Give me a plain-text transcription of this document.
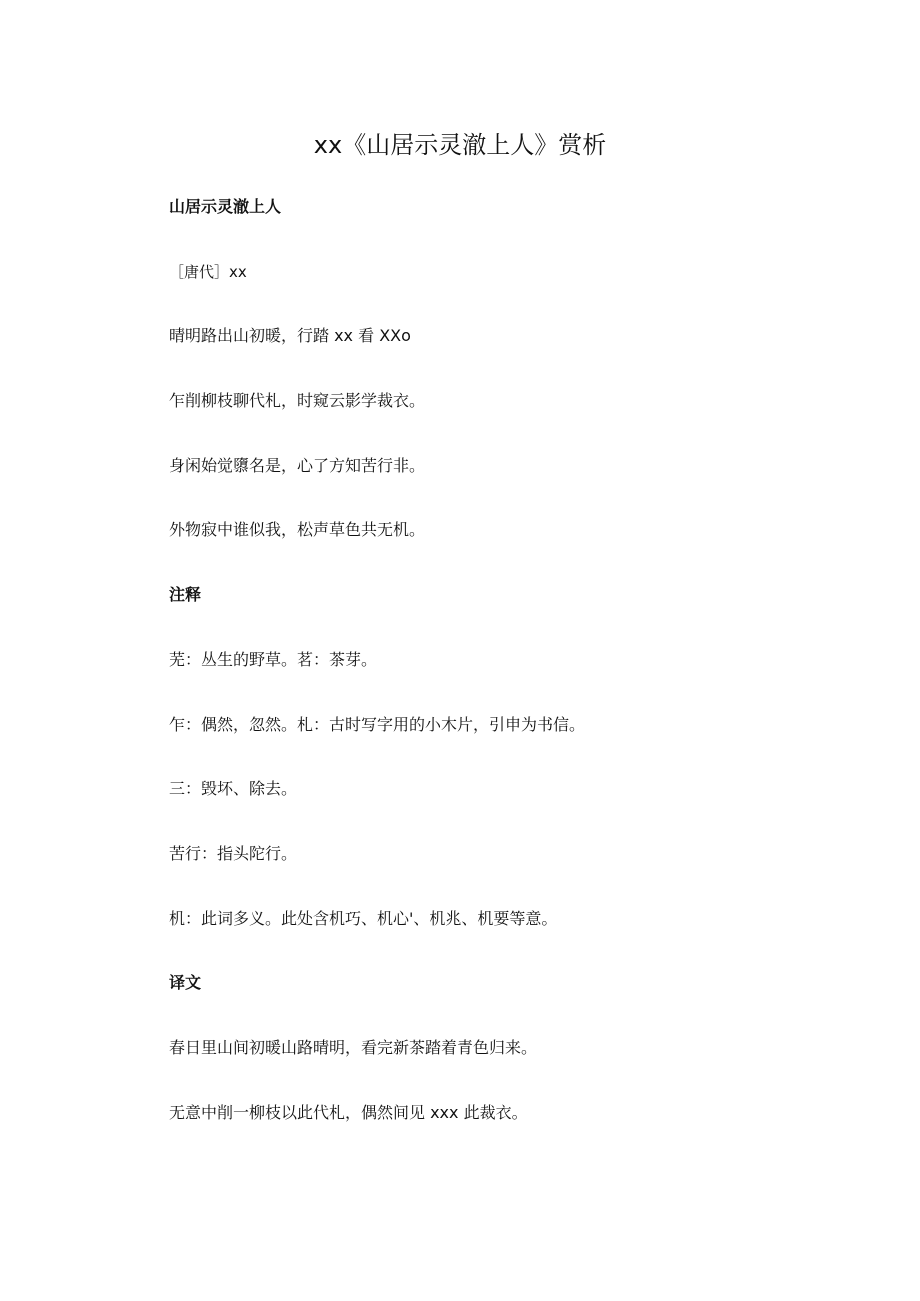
xx《山居示灵澈上人》赏析
山居示灵澈上人
［唐代］xx
晴明路出山初暖，行踏 xx 看 XXo
乍削柳枝聊代札，时窥云影学裁衣。
身闲始觉隳名是，心了方知苦行非。
外物寂中谁似我，松声草色共无机。
注释
芜：丛生的野草。茗：茶芽。
乍：偶然，忽然。札：古时写字用的小木片，引申为书信。
三：毁坏、除去。
苦行：指头陀行。
机：此词多义。此处含机巧、机心'、机兆、机要等意。
译文
春日里山间初暖山路晴明，看完新茶踏着青色归来。
无意中削一柳枝以此代札，偶然间见 xxx 此裁衣。
